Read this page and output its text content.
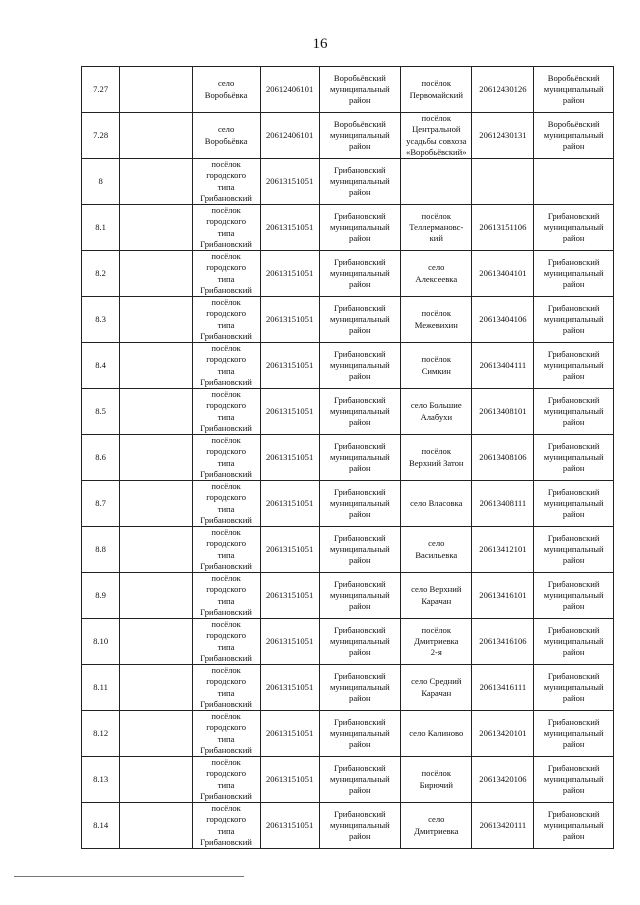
16
7.27		село
Воробьёвка	20612406101	Воробьёвский
муниципальный
район	посёлок
Первомайский	20612430126	Воробьёвский
муниципальный
район
7.28		село
Воробьёвка	20612406101	Воробьёвский
муниципальный
район	посёлок
Центральной
усадьбы совхоза
«Воробьёвский»	20612430131	Воробьёвский
муниципальный
район
8		посёлок
городского
типа
Грибановский	20613151051	Грибановский
муниципальный
район			
8.1		посёлок
городского
типа
Грибановский	20613151051	Грибановский
муниципальный
район	посёлок
Теллермановс-
кий	20613151106	Грибановский
муниципальный
район
8.2		посёлок
городского
типа
Грибановский	20613151051	Грибановский
муниципальный
район	село
Алексеевка	20613404101	Грибановский
муниципальный
район
8.3		посёлок
городского
типа
Грибановский	20613151051	Грибановский
муниципальный
район	посёлок
Межевихин	20613404106	Грибановский
муниципальный
район
8.4		посёлок
городского
типа
Грибановский	20613151051	Грибановский
муниципальный
район	посёлок
Симкин	20613404111	Грибановский
муниципальный
район
8.5		посёлок
городского
типа
Грибановский	20613151051	Грибановский
муниципальный
район	село Большие
Алабухи	20613408101	Грибановский
муниципальный
район
8.6		посёлок
городского
типа
Грибановский	20613151051	Грибановский
муниципальный
район	посёлок
Верхний Затон	20613408106	Грибановский
муниципальный
район
8.7		посёлок
городского
типа
Грибановский	20613151051	Грибановский
муниципальный
район	село Власовка	20613408111	Грибановский
муниципальный
район
8.8		посёлок
городского
типа
Грибановский	20613151051	Грибановский
муниципальный
район	село
Васильевка	20613412101	Грибановский
муниципальный
район
8.9		посёлок
городского
типа
Грибановский	20613151051	Грибановский
муниципальный
район	село Верхний
Карачан	20613416101	Грибановский
муниципальный
район
8.10		посёлок
городского
типа
Грибановский	20613151051	Грибановский
муниципальный
район	посёлок
Дмитриевка
2-я	20613416106	Грибановский
муниципальный
район
8.11		посёлок
городского
типа
Грибановский	20613151051	Грибановский
муниципальный
район	село Средний
Карачан	20613416111	Грибановский
муниципальный
район
8.12		посёлок
городского
типа
Грибановский	20613151051	Грибановский
муниципальный
район	село Калиново	20613420101	Грибановский
муниципальный
район
8.13		посёлок
городского
типа
Грибановский	20613151051	Грибановский
муниципальный
район	посёлок
Бирючий	20613420106	Грибановский
муниципальный
район
8.14		посёлок
городского
типа
Грибановский	20613151051	Грибановский
муниципальный
район	село
Дмитриевка	20613420111	Грибановский
муниципальный
район
